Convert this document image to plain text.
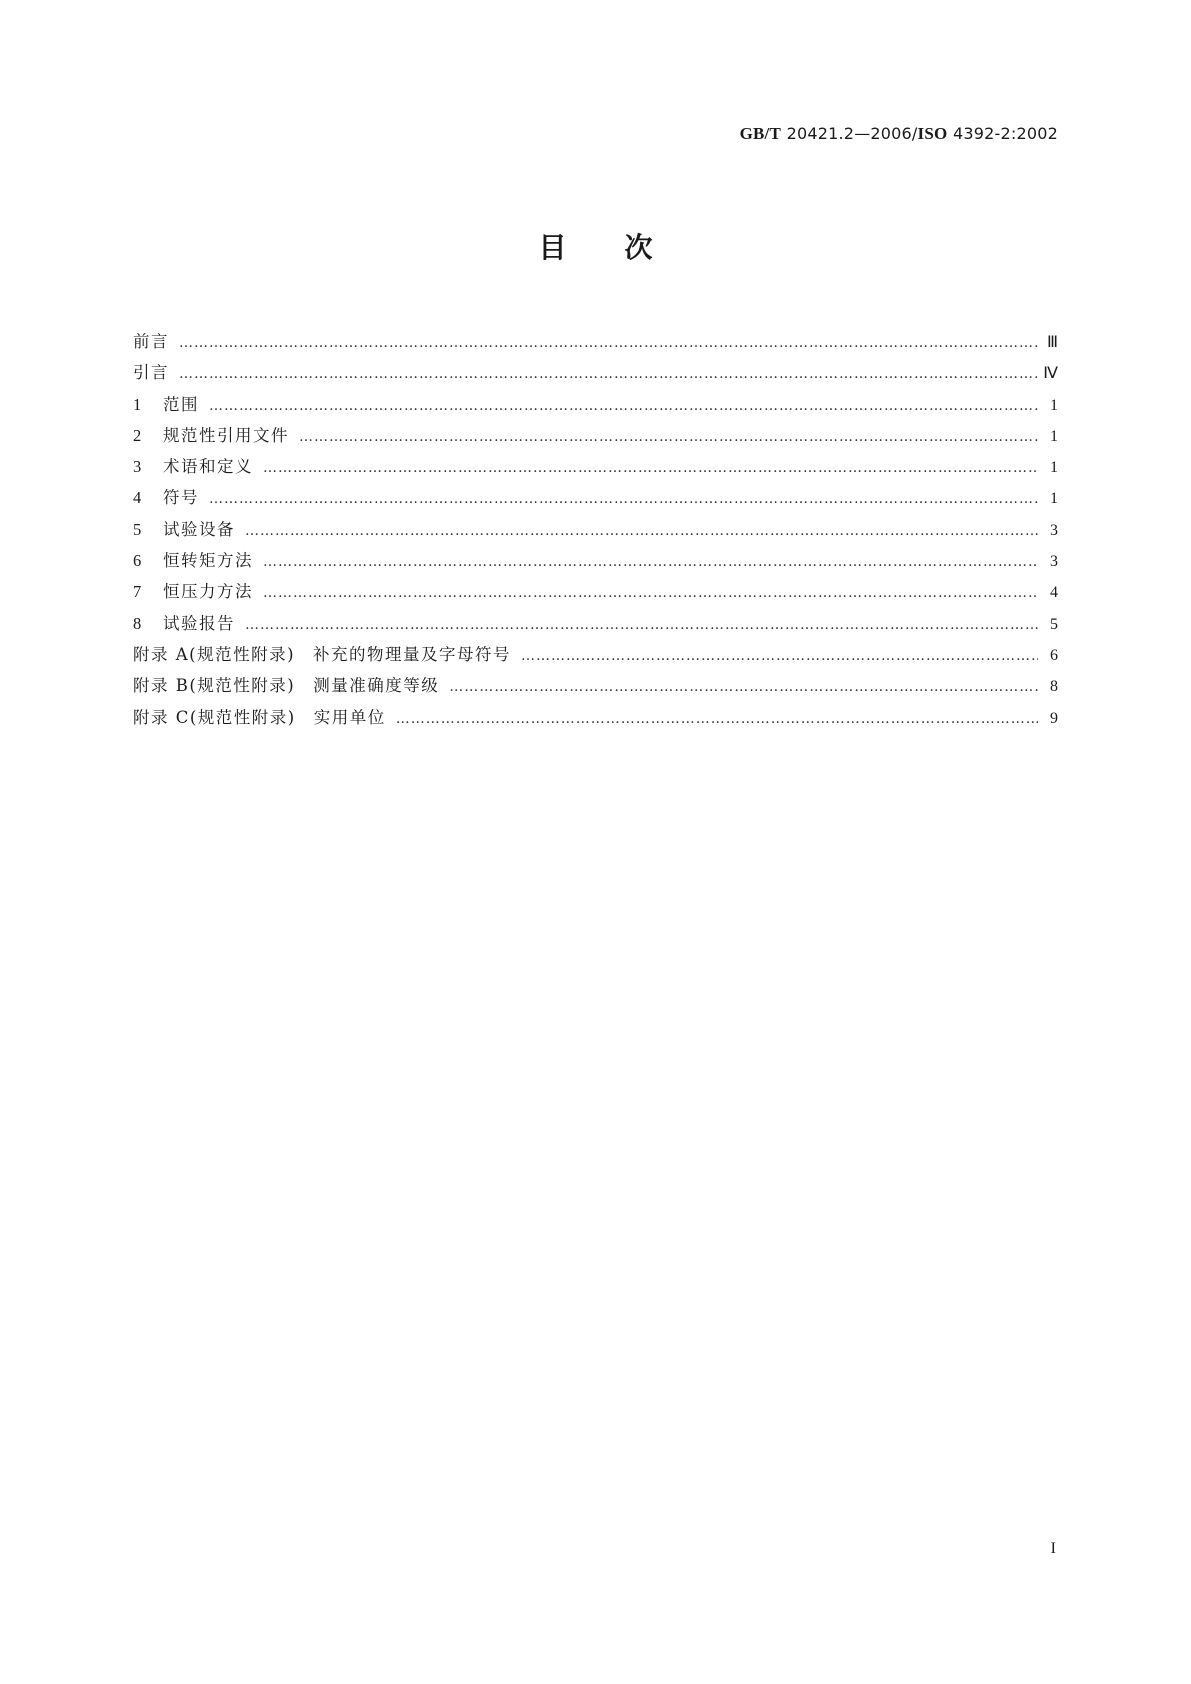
GB/T 20421.2—2006/ISO 4392-2:2002
目 次
前言 …………………………………………………………………………………………………………………………………………………………………………………………	Ⅲ
引言 …………………………………………………………………………………………………………………………………………………………………………………………	Ⅳ
1	范围 …………………………………………………………………………………………………………………………………………………………………………………………	1
2	规范性引用文件 …………………………………………………………………………………………………………………………………………………………………………………………	1
3	术语和定义 …………………………………………………………………………………………………………………………………………………………………………………………	1
4	符号 …………………………………………………………………………………………………………………………………………………………………………………………	1
5	试验设备 …………………………………………………………………………………………………………………………………………………………………………………………	3
6	恒转矩方法 …………………………………………………………………………………………………………………………………………………………………………………………	3
7	恒压力方法 …………………………………………………………………………………………………………………………………………………………………………………………	4
8	试验报告 …………………………………………………………………………………………………………………………………………………………………………………………	5
附录 A(规范性附录)　补充的物理量及字母符号 …………………………………………………………………………………………………………………………………………………………………………………………	6
附录 B(规范性附录)　测量准确度等级 …………………………………………………………………………………………………………………………………………………………………………………………	8
附录 C(规范性附录)　实用单位 …………………………………………………………………………………………………………………………………………………………………………………………	9
I
